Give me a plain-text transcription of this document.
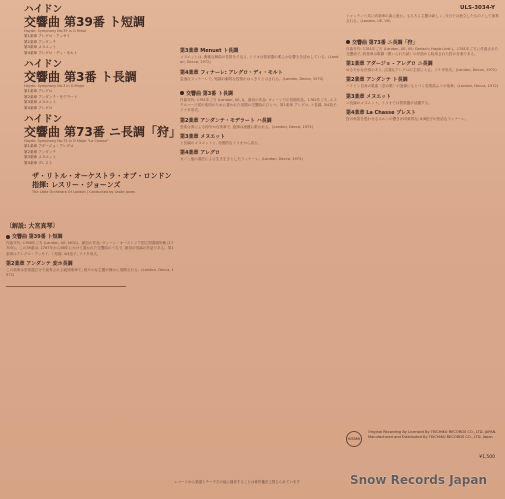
ULS-3034-Y
ハイドン
交響曲 第39番 ト短調
Haydn: Symphony No.39 in G Minor
第1楽章 アレグロ・アッサイ
第2楽章 アンダンテ
第3楽章 メヌエット
第4楽章 アレグロ・ディ・モルト
ハイドン
交響曲 第3番 ト長調
Haydn: Symphony No.3 in G Major
第1楽章 アレグロ
第2楽章 アンダンテ・モデラート
第3楽章 メヌエット
第4楽章 アレグロ
ハイドン
交響曲 第73番 ニ長調「狩」
Haydn: Symphony No.73 in D Major "La Chasse"
第1楽章 アダージョ・アレグロ
第2楽章 アンダンテ
第3楽章 メヌエット
第4楽章 プレスト
ザ・リトル・オーケストラ・オブ・ロンドン
指揮: レスリー・ジョーンズ
The Little Orchestra Of London / Conducted by Leslie Jones
〔解説: 大宮真琴〕
交響曲 第39番 ト短調
作曲年代: 1768年ごろ (Landon, UE, MGG)。最初の作品: ヴィーン・オーストリア国立図書館所蔵 (1770年)。この39番は, 1767年から68年にかけて書かれた交響曲のうちで, 最初の短調の作品である。第1楽章はアレグロ・アッサイ, ト短調, 4/4拍子, ソナタ形式。
第2楽章 アンダンテ 変ホ長調
この楽章は弦楽器だけで演奏される緩徐楽章で, 穏やかな主題が静かに展開される。(Landon, Decca, 1972)
第3楽章 Menuet ト長調
メヌエットは, 典雅な舞曲の性格をそなえ, トリオは管楽器の柔らかな響きを活かしている。(Landon, Decca, 1972)
第4楽章 フィナーレ: アレグロ・ディ・モルト
急速なフィナーレで, 短調の劇的な性格がはっきりと示される。(Landon, Decca, 1972)
交響曲 第3番 ト長調
作曲年代: 1761年ごろ (Landon, UE, I)。最初の作品: ヴィーンでの初期作品。1762年ごろ, エステルハージ侯の楽団のために書かれた初期の交響曲のひとつ。第1楽章 アレグロ, ト長調, 3/4拍子, ソナタ形式。
第2楽章 アンダンテ・モデラート ハ長調
弦楽合奏による穏やかな楽章で, 旋律は流麗に歌われる。(Landon, Decca, 1972)
第3楽章 メヌエット
ト長調のメヌエットと, 対照的なトリオから成る。
第4楽章 アレグロ
カノン風の書法による生き生きとしたフィナーレ。(Landon, Decca, 1972)
トゥッティと共に終楽章の曲に進む。もちろん主題は新しく, 今日では独立したものとして演奏される。(Landon, UE, VII)
交響曲 第73番 ニ長調「狩」
作曲年代: 1781年ごろ (Landon, UE, VII; Gerlach; Haydn-Inst.)。1781年ごろに作曲された交響曲で, 終楽章は歌劇〈報いられた誠〉の序曲から転用された狩の音楽である。
第1楽章 アダージョ - アレグロ ニ長調
ゆるやかな序奏のあと, 活発なアレグロの主部に入る。ソナタ形式。(Landon, Decca, 1972)
第2楽章 アンダンテ ト長調
ハイドン自身の歌曲〈恋の歌〉の旋律にもとづく変奏曲ふうの楽章。(Landon, Decca, 1972)
第3楽章 メヌエット
ニ長調のメヌエット。トリオでは管楽器が活躍する。
第4楽章 La Chasse プレスト
狩の角笛を思わせるホルンの響きが印象的な, 6/8拍子の快活なフィナーレ。
レコードから楽譜とテープその他に録音することは著作権法上禁じられています
KITAMI
Original Recording By Licensed By TEICHIKU RECORDS CO., LTD. JAPAN. Manufactured and Distributed By TEICHIKU RECORDS CO., LTD. Japan
¥1,500
Snow Records Japan
